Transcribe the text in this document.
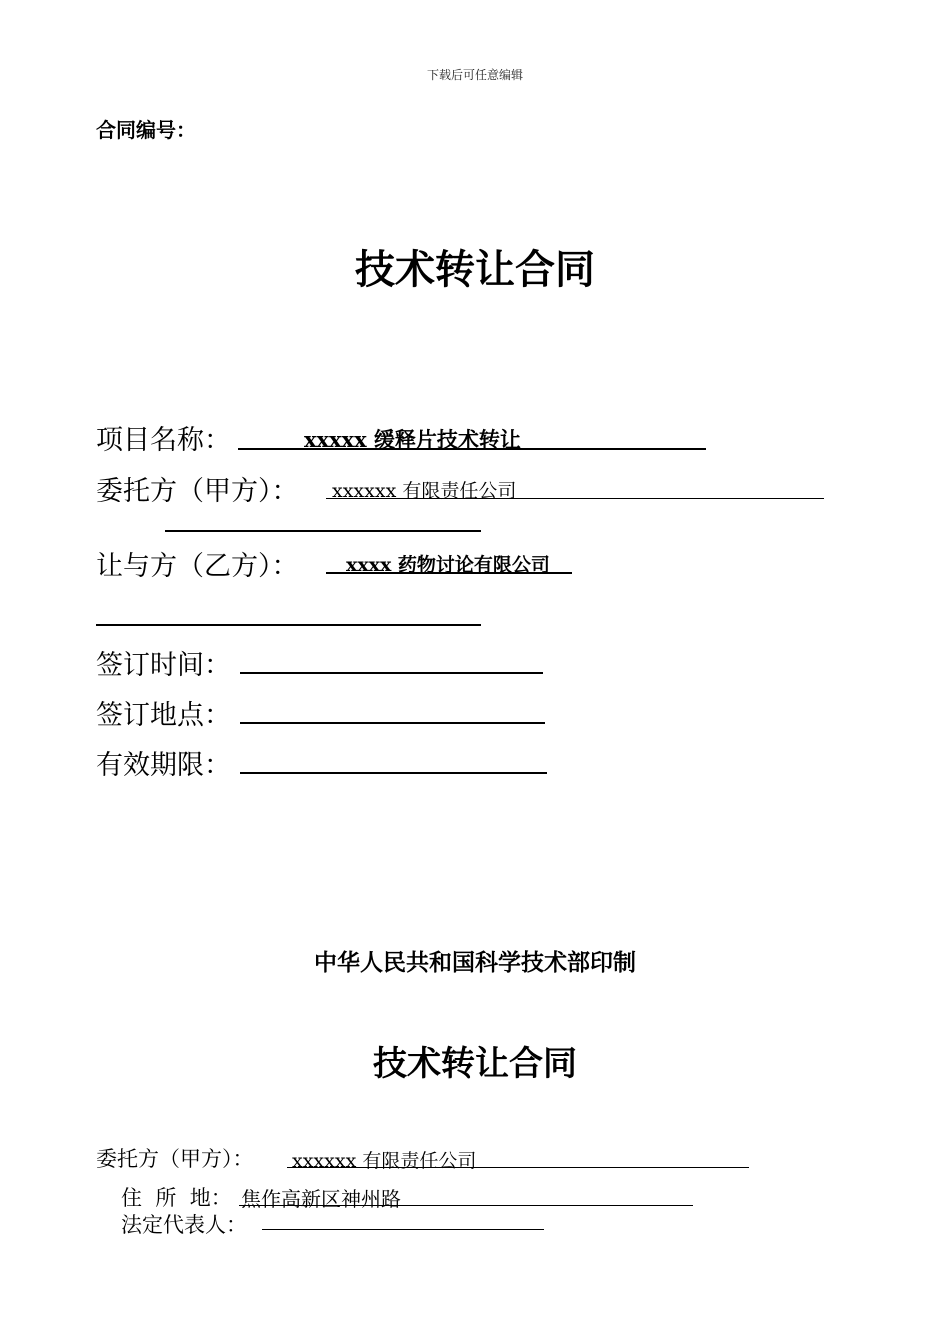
下载后可任意编辑
合同编号：
技术转让合同
项目名称：	xxxxx 缓释片技术转让
委托方（甲方）： xxxxxx 有限责任公司
让与方（乙方）：	xxxx 药物讨论有限公司
签订时间：
签订地点：
有效期限：
中华人民共和国科学技术部印制
技术转让合同
委托方（甲方）： xxxxxx 有限责任公司
住  所  地： 焦作高新区神州路
法定代表人：
